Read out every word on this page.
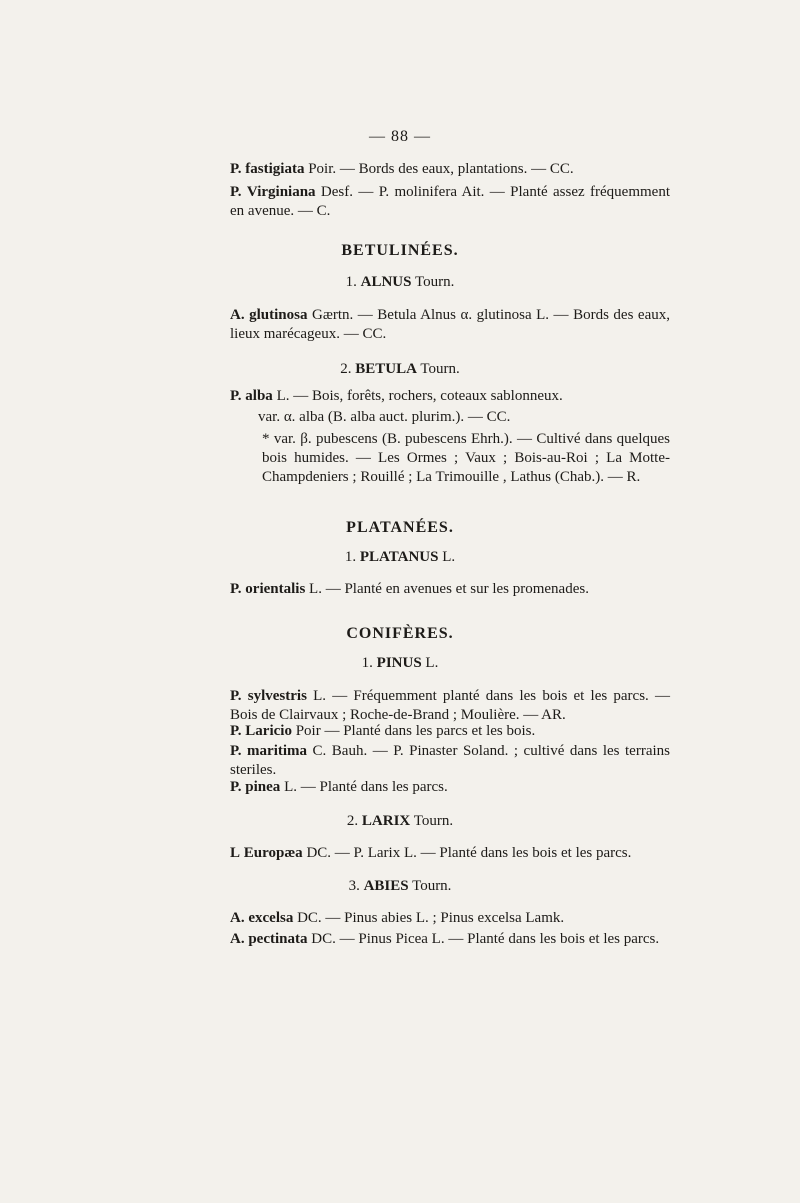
— 88 —
P. fastigiata Poir. — Bords des eaux, plantations. — CC.
P. Virginiana Desf. — P. molinifera Ait. — Planté assez fréquemment en avenue. — C.
BETULINÉES.
1. ALNUS Tourn.
A. glutinosa Gærtn. — Betula Alnus α. glutinosa L. — Bords des eaux, lieux marécageux. — CC.
2. BETULA Tourn.
P. alba L. — Bois, forêts, rochers, coteaux sablonneux.
var. α. alba (B. alba auct. plurim.). — CC.
* var. β. pubescens (B. pubescens Ehrh.). — Cultivé dans quelques bois humides. — Les Ormes ; Vaux ; Bois-au-Roi ; La Motte-Champdeniers ; Rouillé ; La Trimouille , Lathus (Chab.). — R.
PLATANÉES.
1. PLATANUS L.
P. orientalis L. — Planté en avenues et sur les promenades.
CONIFÈRES.
1. PINUS L.
P. sylvestris L. — Fréquemment planté dans les bois et les parcs. — Bois de Clairvaux ; Roche-de-Brand ; Moulière. — AR.
P. Laricio Poir — Planté dans les parcs et les bois.
P. maritima C. Bauh. — P. Pinaster Soland. ; cultivé dans les terrains steriles.
P. pinea L. — Planté dans les parcs.
2. LARIX Tourn.
L Europæa DC. — P. Larix L. — Planté dans les bois et les parcs.
3. ABIES Tourn.
A. excelsa DC. — Pinus abies L. ; Pinus excelsa Lamk.
A. pectinata DC. — Pinus Picea L. — Planté dans les bois et les parcs.
